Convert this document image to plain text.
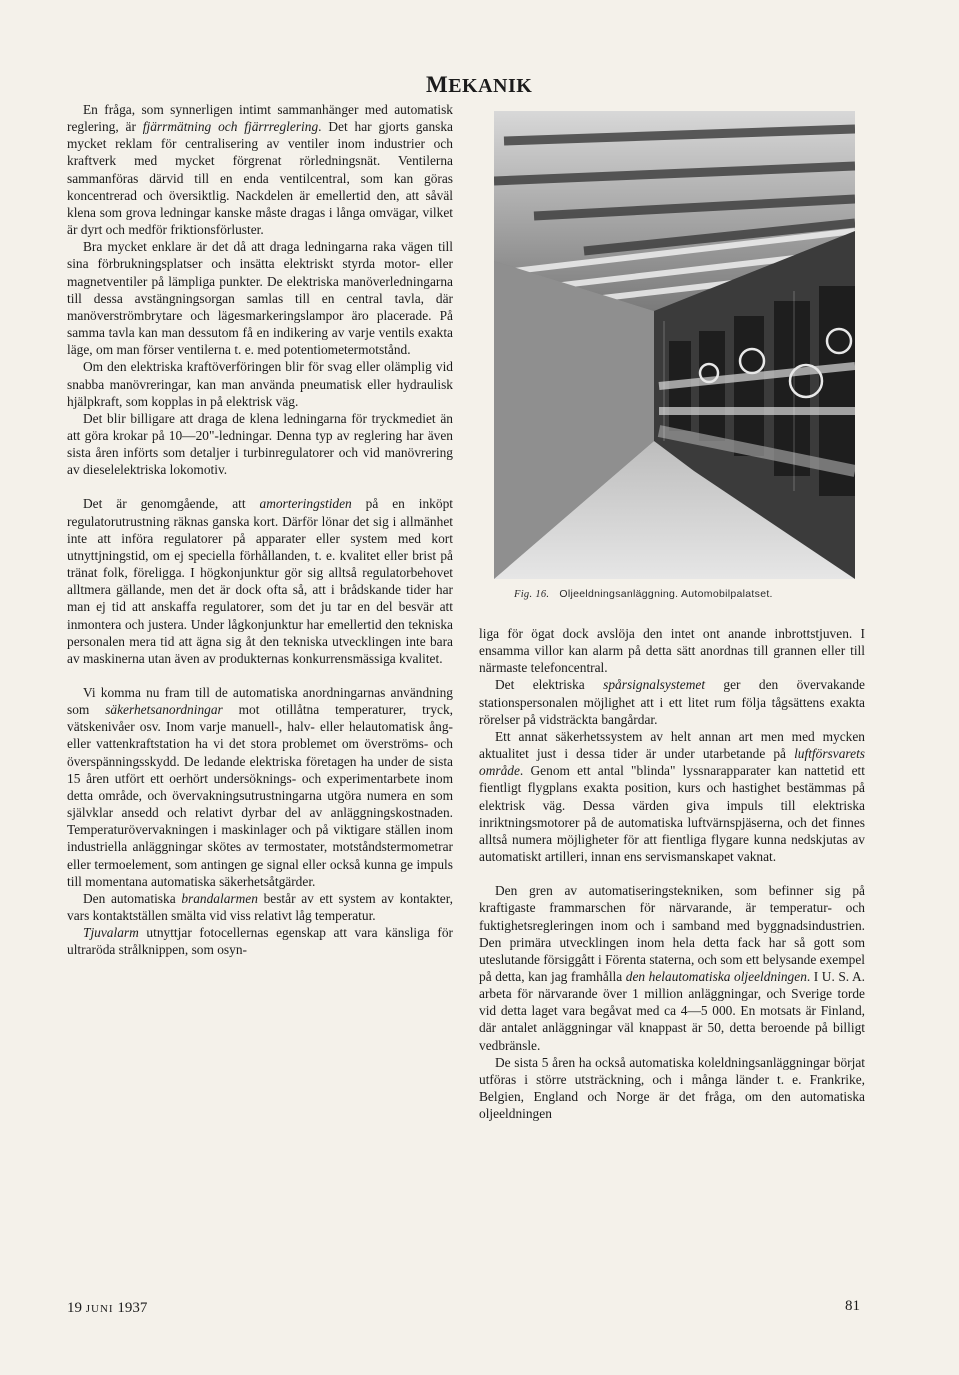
MEKANIK

En fråga, som synnerligen intimt sammanhänger med automatisk reglering, är fjärrmätning och fjärrreglering. Det har gjorts ganska mycket reklam för centralisering av ventiler inom industrier och kraftverk med mycket förgrenat rörledningsnät. Ventilerna sammanföras därvid till en enda ventilcentral, som kan göras koncentrerad och översiktlig. Nackdelen är emellertid den, att såväl klena som grova ledningar kanske måste dragas i långa omvägar, vilket är dyrt och medför friktionsförluster.

Bra mycket enklare är det då att draga ledningarna raka vägen till sina förbrukningsplatser och insätta elektriskt styrda motor- eller magnetventiler på lämpliga punkter. De elektriska manöverledningarna till dessa avstängningsorgan samlas till en central tavla, där manöverströmbrytare och lägesmarkeringslampor äro placerade. På samma tavla kan man dessutom få en indikering av varje ventils exakta läge, om man förser ventilerna t. e. med potentiometermotstånd.

Om den elektriska kraftöverföringen blir för svag eller olämplig vid snabba manövreringar, kan man använda pneumatisk eller hydraulisk hjälpkraft, som kopplas in på elektrisk väg.

Det blir billigare att draga de klena ledningarna för tryckmediet än att göra krokar på 10—20"-ledningar. Denna typ av reglering har även sista åren införts som detaljer i turbinregulatorer och vid manövrering av dieselelektriska lokomotiv.

Det är genomgående, att amorteringstiden på en inköpt regulatorutrustning räknas ganska kort. Därför lönar det sig i allmänhet inte att införa regulatorer på apparater eller system med kort utnyttjningstid, om ej speciella förhållanden, t. e. kvalitet eller brist på tränat folk, föreligga. I högkonjunktur gör sig alltså regulatorbehovet alltmera gällande, men det är dock ofta så, att i brådskande tider har man ej tid att anskaffa regulatorer, som det ju tar en del besvär att inmontera och justera. Under lågkonjunktur har emellertid den tekniska personalen mera tid att ägna sig åt den tekniska utvecklingen inte bara av maskinerna utan även av produkternas konkurrensmässiga kvalitet.

Vi komma nu fram till de automatiska anordningarnas användning som säkerhetsanordningar mot otillåtna temperaturer, tryck, vätskenivåer osv. Inom varje manuell-, halv- eller helautomatisk ång- eller vattenkraftstation ha vi det stora problemet om överströms- och överspänningsskydd. De ledande elektriska företagen ha under de sista 15 åren utfört ett oerhört undersöknings- och experimentarbete inom detta område, och övervakningsutrustningarna utgöra numera en som självklar ansedd och relativt dyrbar del av anläggningskostnaden. Temperaturövervakningen i maskinlager och på viktigare ställen inom industriella anläggningar skötes av termostater, motståndstermometrar eller termoelement, som antingen ge signal eller också kunna ge impuls till momentana automatiska säkerhetsåtgärder.

Den automatiska brandalarmen består av ett system av kontakter, vars kontaktställen smälta vid viss relativt låg temperatur.

Tjuvalarm utnyttjar fotocellernas egenskap att vara känsliga för ultraröda strålknippen, som osyn-

Fig. 16. Oljeeldningsanläggning. Automobilpalatset.

liga för ögat dock avslöja den intet ont anande inbrottstjuven. I ensamma villor kan alarm på detta sätt anordnas till grannen eller till närmaste telefoncentral.

Det elektriska spårsignalsystemet ger den övervakande stationspersonalen möjlighet att i ett litet rum följa tågsättens exakta rörelser på vidsträckta bangårdar.

Ett annat säkerhetssystem av helt annan art men med mycken aktualitet just i dessa tider är under utarbetande på luftförsvarets område. Genom ett antal "blinda" lyssnarapparater kan nattetid ett fientligt flygplans exakta position, kurs och hastighet bestämmas på elektrisk väg. Dessa värden giva impuls till elektriska inriktningsmotorer på de automatiska luftvärnspjäserna, och det finnes alltså numera möjligheter för att fientliga flygare kunna nedskjutas av automatiskt artilleri, innan ens servismanskapet vaknat.

Den gren av automatiseringstekniken, som befinner sig på kraftigaste frammarschen för närvarande, är temperatur- och fuktighetsregleringen inom och i samband med byggnadsindustrien. Den primära utvecklingen inom hela detta fack har så gott som uteslutande försiggått i Förenta staterna, och som ett belysande exempel på detta, kan jag framhålla den helautomatiska oljeeldningen. I U. S. A. arbeta för närvarande över 1 million anläggningar, och Sverige torde vid detta laget vara begåvat med ca 4—5 000. En motsats är Finland, där antalet anläggningar väl knappast är 50, detta beroende på billigt vedbränsle.

De sista 5 åren ha också automatiska koleldningsanläggningar börjat utföras i större utsträckning, och i många länder t. e. Frankrike, Belgien, England och Norge är det fråga, om den automatiska oljeeldningen

19 JUNI 1937	81
